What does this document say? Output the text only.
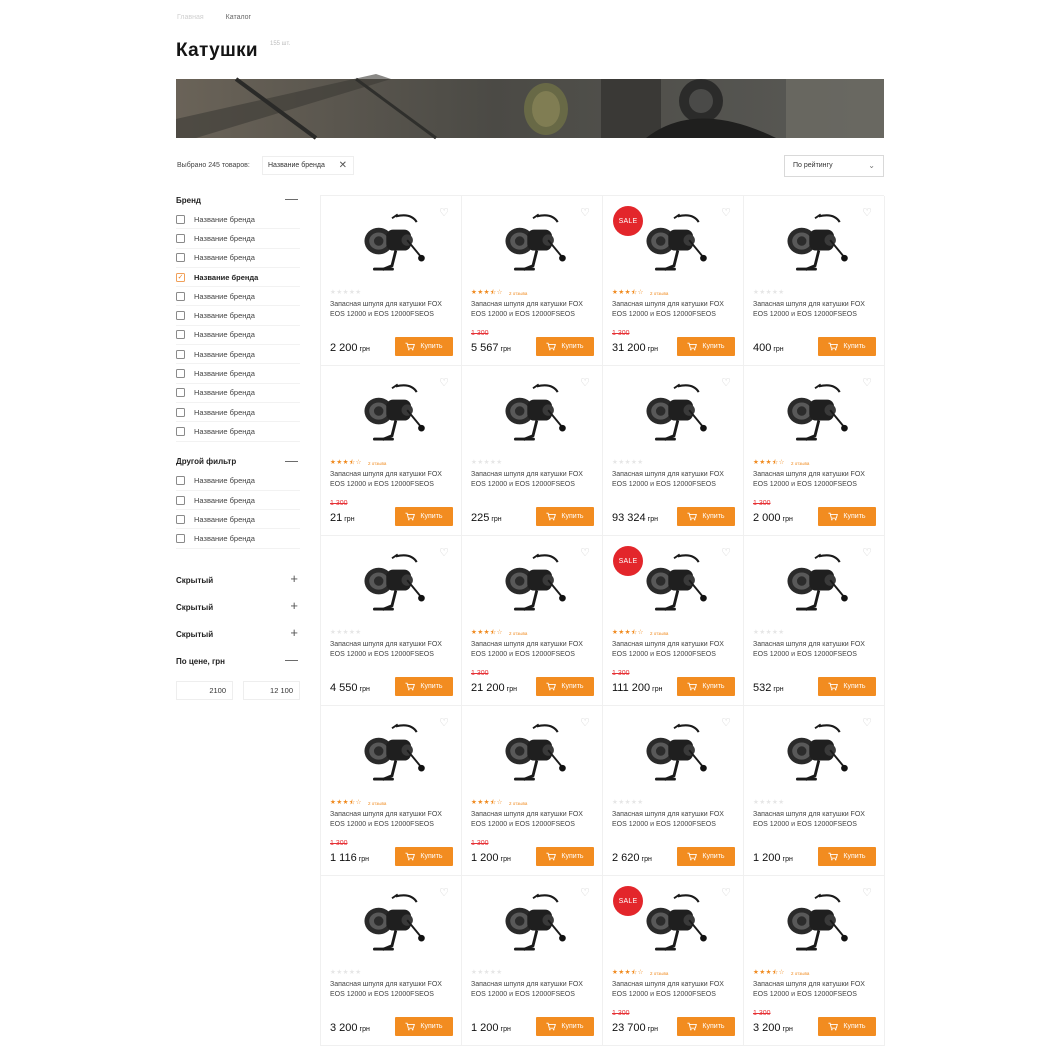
Главная	Каталог
Катушки 155 шт.
Выбрано 245 товаров:	Название бренда ✕	По рейтингу	⌄
Бренд	—
Название бренда
Название бренда
Название бренда
✓ Название бренда
Название бренда
Название бренда
Название бренда
Название бренда
Название бренда
Название бренда
Название бренда
Название бренда
Другой фильтр	—
Название бренда
Название бренда
Название бренда
Название бренда
Скрытый	+
Скрытый	+
Скрытый	+
По цене, грн	—
2100	12 100
♡
★★★★★
Запасная шпуля для катушки FOX EOS 12000 и EOS 12000FSEOS
2 200 грн	Купить
♡
★★★⯪☆ 2 отзыва
Запасная шпуля для катушки FOX EOS 12000 и EOS 12000FSEOS
1 300
5 567 грн	Купить
SALE
♡
★★★⯪☆ 2 отзыва
Запасная шпуля для катушки FOX EOS 12000 и EOS 12000FSEOS
1 300
31 200 грн	Купить
♡
★★★★★
Запасная шпуля для катушки FOX EOS 12000 и EOS 12000FSEOS
400 грн	Купить
♡
★★★⯪☆ 2 отзыва
Запасная шпуля для катушки FOX EOS 12000 и EOS 12000FSEOS
1 300
21 грн	Купить
♡
★★★★★
Запасная шпуля для катушки FOX EOS 12000 и EOS 12000FSEOS
225 грн	Купить
♡
★★★★★
Запасная шпуля для катушки FOX EOS 12000 и EOS 12000FSEOS
93 324 грн	Купить
♡
★★★⯪☆ 2 отзыва
Запасная шпуля для катушки FOX EOS 12000 и EOS 12000FSEOS
1 300
2 000 грн	Купить
♡
★★★★★
Запасная шпуля для катушки FOX EOS 12000 и EOS 12000FSEOS
4 550 грн	Купить
♡
★★★⯪☆ 2 отзыва
Запасная шпуля для катушки FOX EOS 12000 и EOS 12000FSEOS
1 300
21 200 грн	Купить
SALE
♡
★★★⯪☆ 2 отзыва
Запасная шпуля для катушки FOX EOS 12000 и EOS 12000FSEOS
1 300
111 200 грн	Купить
♡
★★★★★
Запасная шпуля для катушки FOX EOS 12000 и EOS 12000FSEOS
532 грн	Купить
♡
★★★⯪☆ 2 отзыва
Запасная шпуля для катушки FOX EOS 12000 и EOS 12000FSEOS
1 300
1 116 грн	Купить
♡
★★★⯪☆ 2 отзыва
Запасная шпуля для катушки FOX EOS 12000 и EOS 12000FSEOS
1 300
1 200 грн	Купить
♡
★★★★★
Запасная шпуля для катушки FOX EOS 12000 и EOS 12000FSEOS
2 620 грн	Купить
♡
★★★★★
Запасная шпуля для катушки FOX EOS 12000 и EOS 12000FSEOS
1 200 грн	Купить
♡
★★★★★
Запасная шпуля для катушки FOX EOS 12000 и EOS 12000FSEOS
3 200 грн	Купить
♡
★★★★★
Запасная шпуля для катушки FOX EOS 12000 и EOS 12000FSEOS
1 200 грн	Купить
SALE
♡
★★★⯪☆ 2 отзыва
Запасная шпуля для катушки FOX EOS 12000 и EOS 12000FSEOS
1 300
23 700 грн	Купить
♡
★★★⯪☆ 2 отзыва
Запасная шпуля для катушки FOX EOS 12000 и EOS 12000FSEOS
1 300
3 200 грн	Купить
